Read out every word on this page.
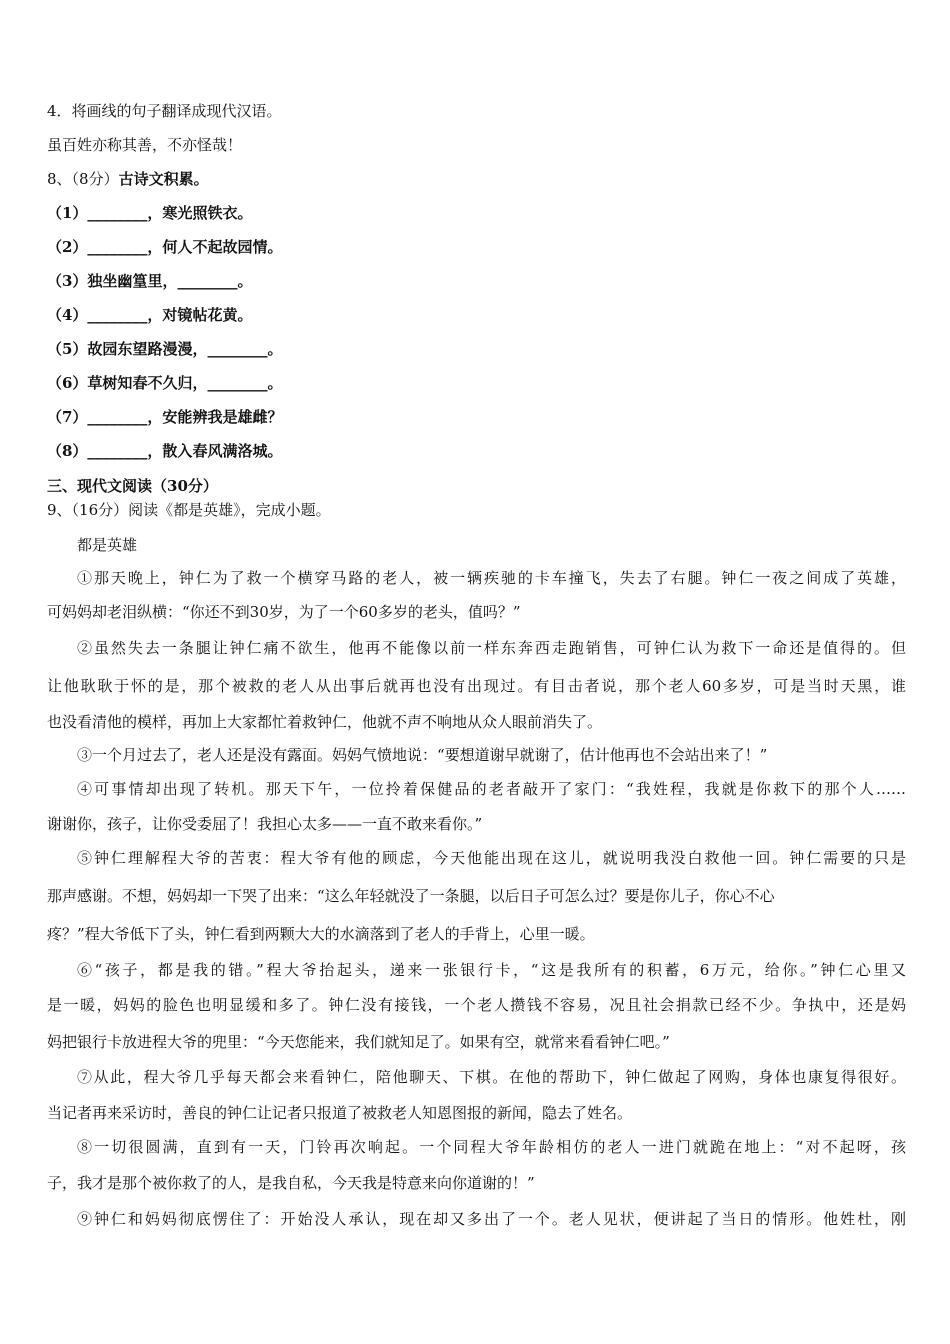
4．将画线的句子翻译成现代汉语。
虽百姓亦称其善，不亦怪哉！
8、（8分）古诗文积累。
（1）________，寒光照铁衣。
（2）________，何人不起故园情。
（3）独坐幽篁里，________。
（4）________，对镜帖花黄。
（5）故园东望路漫漫，________。
（6）草树知春不久归，________。
（7）________，安能辨我是雄雌？
（8）________，散入春风满洛城。
三、现代文阅读（30分）
9、（16分）阅读《都是英雄》，完成小题。
都是英雄
①那天晚上，钟仁为了救一个横穿马路的老人，被一辆疾驰的卡车撞飞，失去了右腿。钟仁一夜之间成了英雄，
可妈妈却老泪纵横：“你还不到30岁，为了一个60多岁的老头，值吗？”
②虽然失去一条腿让钟仁痛不欲生，他再不能像以前一样东奔西走跑销售，可钟仁认为救下一命还是值得的。但
让他耿耿于怀的是，那个被救的老人从出事后就再也没有出现过。有目击者说，那个老人60多岁，可是当时天黑，谁
也没看清他的模样，再加上大家都忙着救钟仁，他就不声不响地从众人眼前消失了。
③一个月过去了，老人还是没有露面。妈妈气愤地说：“要想道谢早就谢了，估计他再也不会站出来了！”
④可事情却出现了转机。那天下午，一位拎着保健品的老者敲开了家门：“我姓程，我就是你救下的那个人……
谢谢你，孩子，让你受委屈了！我担心太多——一直不敢来看你。”
⑤钟仁理解程大爷的苦衷：程大爷有他的顾虑，今天他能出现在这儿，就说明我没白救他一回。钟仁需要的只是
那声感谢。不想，妈妈却一下哭了出来：“这么年轻就没了一条腿，以后日子可怎么过？要是你儿子，你心不心
疼？”程大爷低下了头，钟仁看到两颗大大的水滴落到了老人的手背上，心里一暖。
⑥“孩子，都是我的错。”程大爷抬起头，递来一张银行卡，“这是我所有的积蓄，6万元，给你。”钟仁心里又
是一暖，妈妈的脸色也明显缓和多了。钟仁没有接钱，一个老人攒钱不容易，况且社会捐款已经不少。争执中，还是妈
妈把银行卡放进程大爷的兜里：“今天您能来，我们就知足了。如果有空，就常来看看钟仁吧。”
⑦从此，程大爷几乎每天都会来看钟仁，陪他聊天、下棋。在他的帮助下，钟仁做起了网购，身体也康复得很好。
当记者再来采访时，善良的钟仁让记者只报道了被救老人知恩图报的新闻，隐去了姓名。
⑧一切很圆满，直到有一天，门铃再次响起。一个同程大爷年龄相仿的老人一进门就跪在地上：“对不起呀，孩
子，我才是那个被你救了的人，是我自私，今天我是特意来向你道谢的！”
⑨钟仁和妈妈彻底愣住了：开始没人承认，现在却又多出了一个。老人见状，便讲起了当日的情形。他姓杜，刚
